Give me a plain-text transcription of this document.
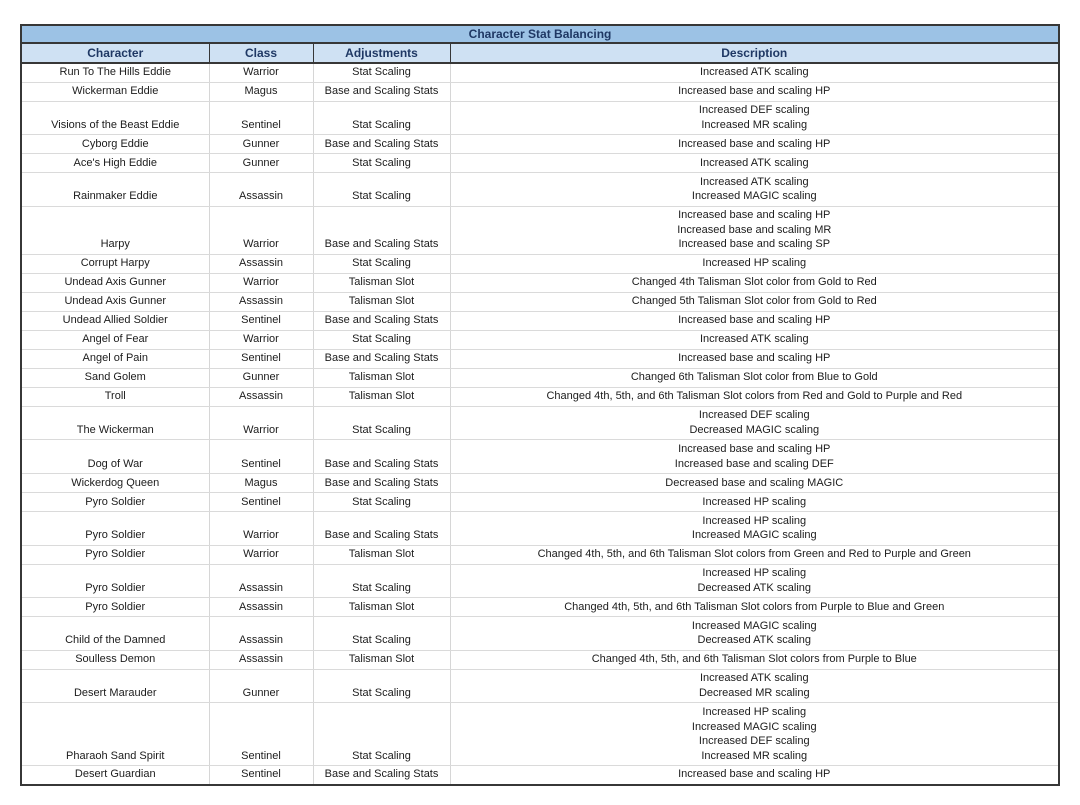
Character Stat Balancing			
Character	Class	Adjustments	Description
Run To The Hills Eddie	Warrior	Stat Scaling	Increased ATK scaling

Wickerman Eddie	Magus	Base and Scaling Stats	Increased base and scaling HP

Visions of the Beast Eddie	Sentinel	Stat Scaling	Increased DEF scaling
Increased MR scaling

Cyborg Eddie	Gunner	Base and Scaling Stats	Increased base and scaling HP

Ace's High Eddie	Gunner	Stat Scaling	Increased ATK scaling

Rainmaker Eddie	Assassin	Stat Scaling	Increased ATK scaling
Increased MAGIC scaling

Harpy	Warrior	Base and Scaling Stats	Increased base and scaling HP
Increased base and scaling MR
Increased base and scaling SP

Corrupt Harpy	Assassin	Stat Scaling	Increased HP scaling

Undead Axis Gunner	Warrior	Talisman Slot	Changed 4th Talisman Slot color from Gold to Red

Undead Axis Gunner	Assassin	Talisman Slot	Changed 5th Talisman Slot color from Gold to Red

Undead Allied Soldier	Sentinel	Base and Scaling Stats	Increased base and scaling HP

Angel of Fear	Warrior	Stat Scaling	Increased ATK scaling

Angel of Pain	Sentinel	Base and Scaling Stats	Increased base and scaling HP

Sand Golem	Gunner	Talisman Slot	Changed 6th Talisman Slot color from Blue to Gold

Troll	Assassin	Talisman Slot	Changed 4th, 5th, and 6th Talisman Slot colors from Red and Gold to Purple and Red

The Wickerman	Warrior	Stat Scaling	Increased DEF scaling
Decreased MAGIC scaling

Dog of War	Sentinel	Base and Scaling Stats	Increased base and scaling HP
Increased base and scaling DEF

Wickerdog Queen	Magus	Base and Scaling Stats	Decreased base and scaling MAGIC

Pyro Soldier	Sentinel	Stat Scaling	Increased HP scaling

Pyro Soldier	Warrior	Base and Scaling Stats	Increased HP scaling
Increased MAGIC scaling

Pyro Soldier	Warrior	Talisman Slot	Changed 4th, 5th, and 6th Talisman Slot colors from Green and Red to Purple and Green

Pyro Soldier	Assassin	Stat Scaling	Increased HP scaling
Decreased ATK scaling

Pyro Soldier	Assassin	Talisman Slot	Changed 4th, 5th, and 6th Talisman Slot colors from Purple to Blue and Green

Child of the Damned	Assassin	Stat Scaling	Increased MAGIC scaling
Decreased ATK scaling

Soulless Demon	Assassin	Talisman Slot	Changed 4th, 5th, and 6th Talisman Slot colors from Purple to Blue

Desert Marauder	Gunner	Stat Scaling	Increased ATK scaling
Decreased MR scaling

Pharaoh Sand Spirit	Sentinel	Stat Scaling	Increased HP scaling
Increased MAGIC scaling
Increased DEF scaling
Increased MR scaling

Desert Guardian	Sentinel	Base and Scaling Stats	Increased base and scaling HP
